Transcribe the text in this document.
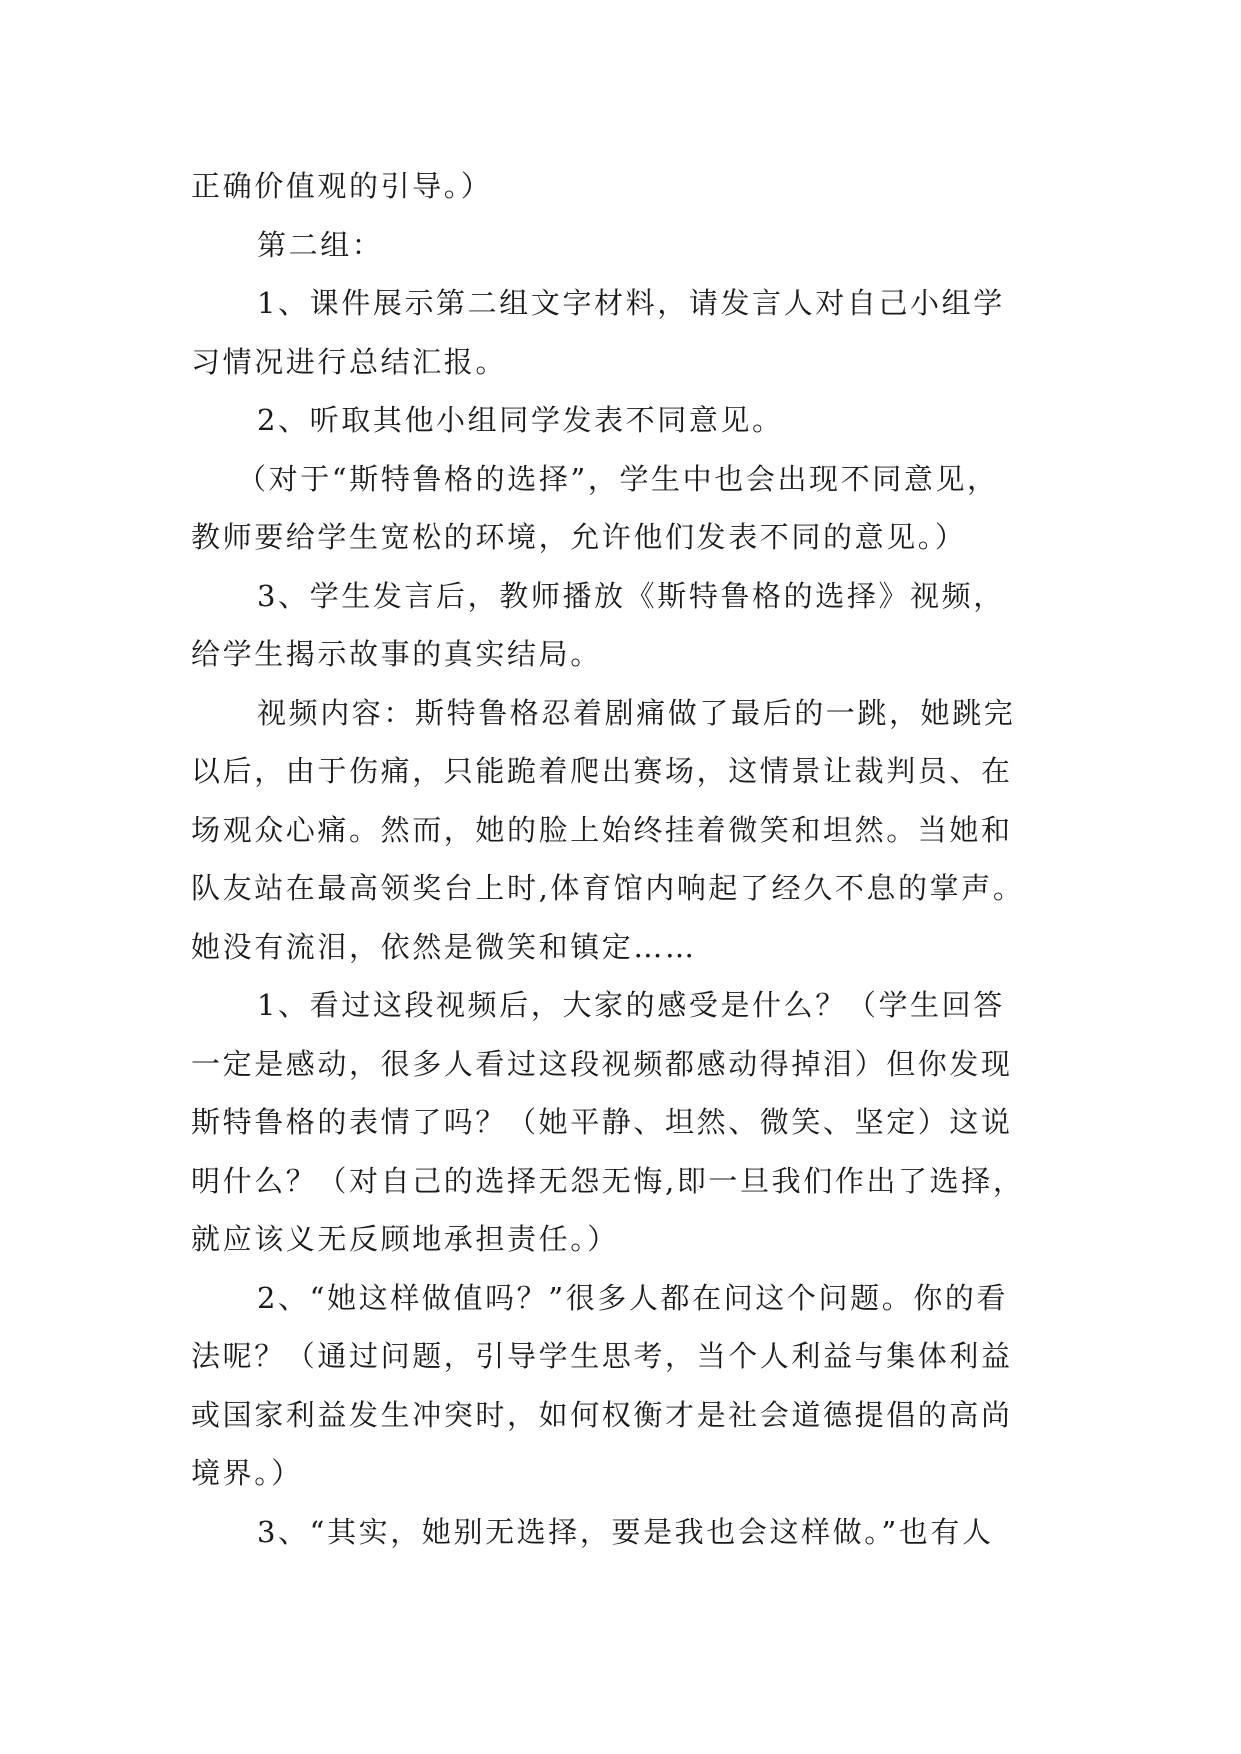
正确价值观的引导。）
第二组：
1、课件展示第二组文字材料，请发言人对自己小组学
习情况进行总结汇报。
2、听取其他小组同学发表不同意见。
（对于“斯特鲁格的选择”，学生中也会出现不同意见，
教师要给学生宽松的环境，允许他们发表不同的意见。）
3、学生发言后，教师播放《斯特鲁格的选择》视频，
给学生揭示故事的真实结局。
视频内容：斯特鲁格忍着剧痛做了最后的一跳，她跳完
以后，由于伤痛，只能跪着爬出赛场，这情景让裁判员、在
场观众心痛。然而，她的脸上始终挂着微笑和坦然。当她和
队友站在最高领奖台上时,体育馆内响起了经久不息的掌声。
她没有流泪，依然是微笑和镇定……
1、看过这段视频后，大家的感受是什么？（学生回答
一定是感动，很多人看过这段视频都感动得掉泪）但你发现
斯特鲁格的表情了吗？（她平静、坦然、微笑、坚定）这说
明什么？（对自己的选择无怨无悔,即一旦我们作出了选择，
就应该义无反顾地承担责任。）
2、“她这样做值吗？”很多人都在问这个问题。你的看
法呢？（通过问题，引导学生思考，当个人利益与集体利益
或国家利益发生冲突时，如何权衡才是社会道德提倡的高尚
境界。）
3、“其实，她别无选择，要是我也会这样做。”也有人
